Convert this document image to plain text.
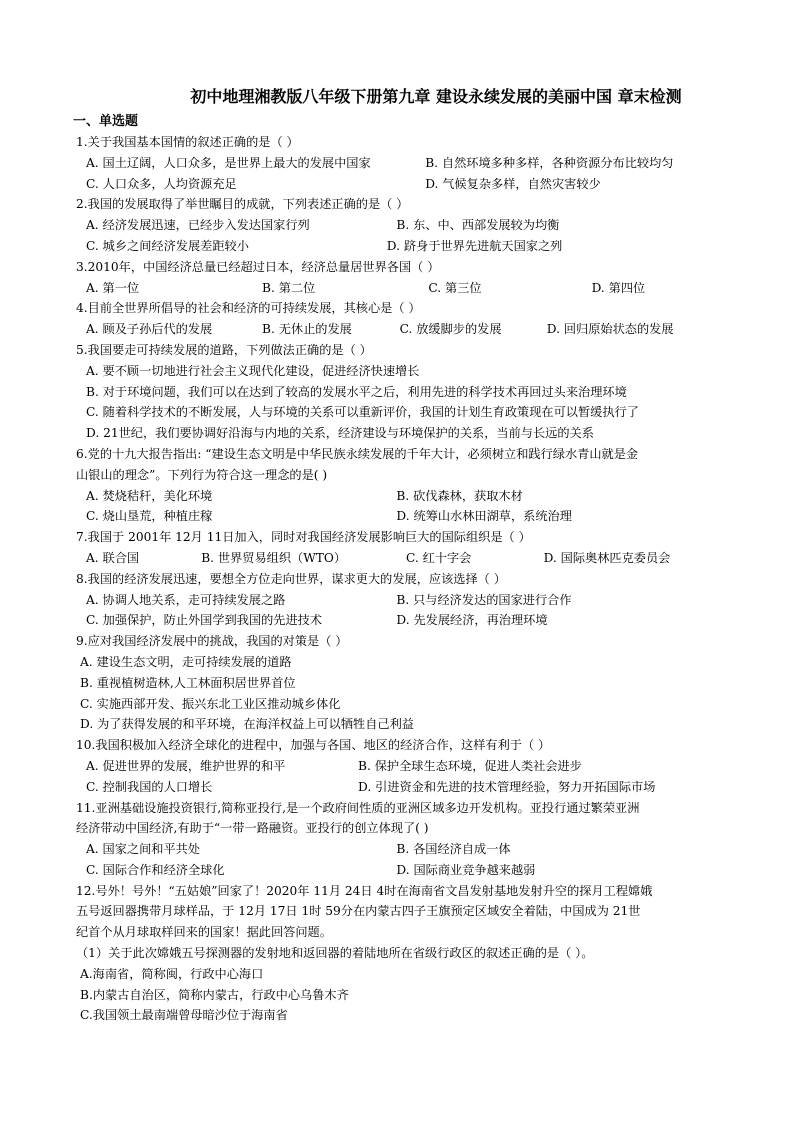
初中地理湘教版八年级下册第九章 建设永续发展的美丽中国 章末检测
一、单选题
1.关于我国基本国情的叙述正确的是（ ）
A. 国土辽阔，人口众多，是世界上最大的发展中国家	B. 自然环境多种多样，各种资源分布比较均匀
C. 人口众多，人均资源充足	D. 气候复杂多样，自然灾害较少
2.我国的发展取得了举世瞩目的成就，下列表述正确的是（ ）
A. 经济发展迅速，已经步入发达国家行列	B. 东、中、西部发展较为均衡
C. 城乡之间经济发展差距较小	D. 跻身于世界先进航天国家之列
3.2010年，中国经济总量已经超过日本，经济总量居世界各国（ ）
A. 第一位	B. 第二位	C. 第三位	D. 第四位
4.目前全世界所倡导的社会和经济的可持续发展，其核心是（ ）
A. 顾及子孙后代的发展	B. 无休止的发展	C. 放缓脚步的发展	D. 回归原始状态的发展
5.我国要走可持续发展的道路，下列做法正确的是（ ）
A. 要不顾一切地进行社会主义现代化建设，促进经济快速增长
B. 对于环境问题，我们可以在达到了较高的发展水平之后，利用先进的科学技术再回过头来治理环境
C. 随着科学技术的不断发展，人与环境的关系可以重新评价，我国的计划生育政策现在可以暂缓执行了
D. 21世纪，我们要协调好沿海与内地的关系，经济建设与环境保护的关系，当前与长远的关系
6.党的十九大报告指出: “建设生态文明是中华民族永续发展的千年大计，必须树立和践行绿水青山就是金
山银山的理念”。下列行为符合这一理念的是( )
A. 焚烧秸秆，美化环境	B. 砍伐森林，获取木材
C. 烧山垦荒，种植庄稼	D. 统筹山水林田湖草，系统治理
7.我国于 2001年 12月 11日加入，同时对我国经济发展影响巨大的国际组织是（ ）
A. 联合国	B. 世界贸易组织（WTO）	C. 红十字会	D. 国际奥林匹克委员会
8.我国的经济发展迅速，要想全方位走向世界，谋求更大的发展，应该选择（ ）
A. 协调人地关系，走可持续发展之路	B. 只与经济发达的国家进行合作
C. 加强保护，防止外国学到我国的先进技术	D. 先发展经济，再治理环境
9.应对我国经济发展中的挑战，我国的对策是（ ）
A. 建设生态文明，走可持续发展的道路
B. 重视植树造林,人工林面积居世界首位
C. 实施西部开发、振兴东北工业区推动城乡体化
D. 为了获得发展的和平环境，在海洋权益上可以牺牲自己利益
10.我国积极加入经济全球化的进程中，加强与各国、地区的经济合作，这样有利于（ ）
A. 促进世界的发展，维护世界的和平	B. 保护全球生态环境，促进人类社会进步
C. 控制我国的人口增长	D. 引进资金和先进的技术管理经验，努力开拓国际市场
11.亚洲基础设施投资银行,简称亚投行,是一个政府间性质的亚洲区域多边开发机构。亚投行通过繁荣亚洲
经济带动中国经济,有助于“一带一路融资。亚投行的创立体现了( )
A. 国家之间和平共处	B. 各国经济自成一体
C. 国际合作和经济全球化	D. 国际商业竞争越来越弱
12.号外！号外！“五姑娘”回家了！2020年 11月 24日 4时在海南省文昌发射基地发射升空的探月工程嫦娥
五号返回器携带月球样品，于 12月 17日 1时 59分在内蒙古四子王旗预定区域安全着陆，中国成为 21世
纪首个从月球取样回来的国家！据此回答问题。
（1）关于此次嫦娥五号探测器的发射地和返回器的着陆地所在省级行政区的叙述正确的是（ ）。
A.海南省，简称闽，行政中心海口
B.内蒙古自治区，简称内蒙古，行政中心乌鲁木齐
C.我国领土最南端曾母暗沙位于海南省
